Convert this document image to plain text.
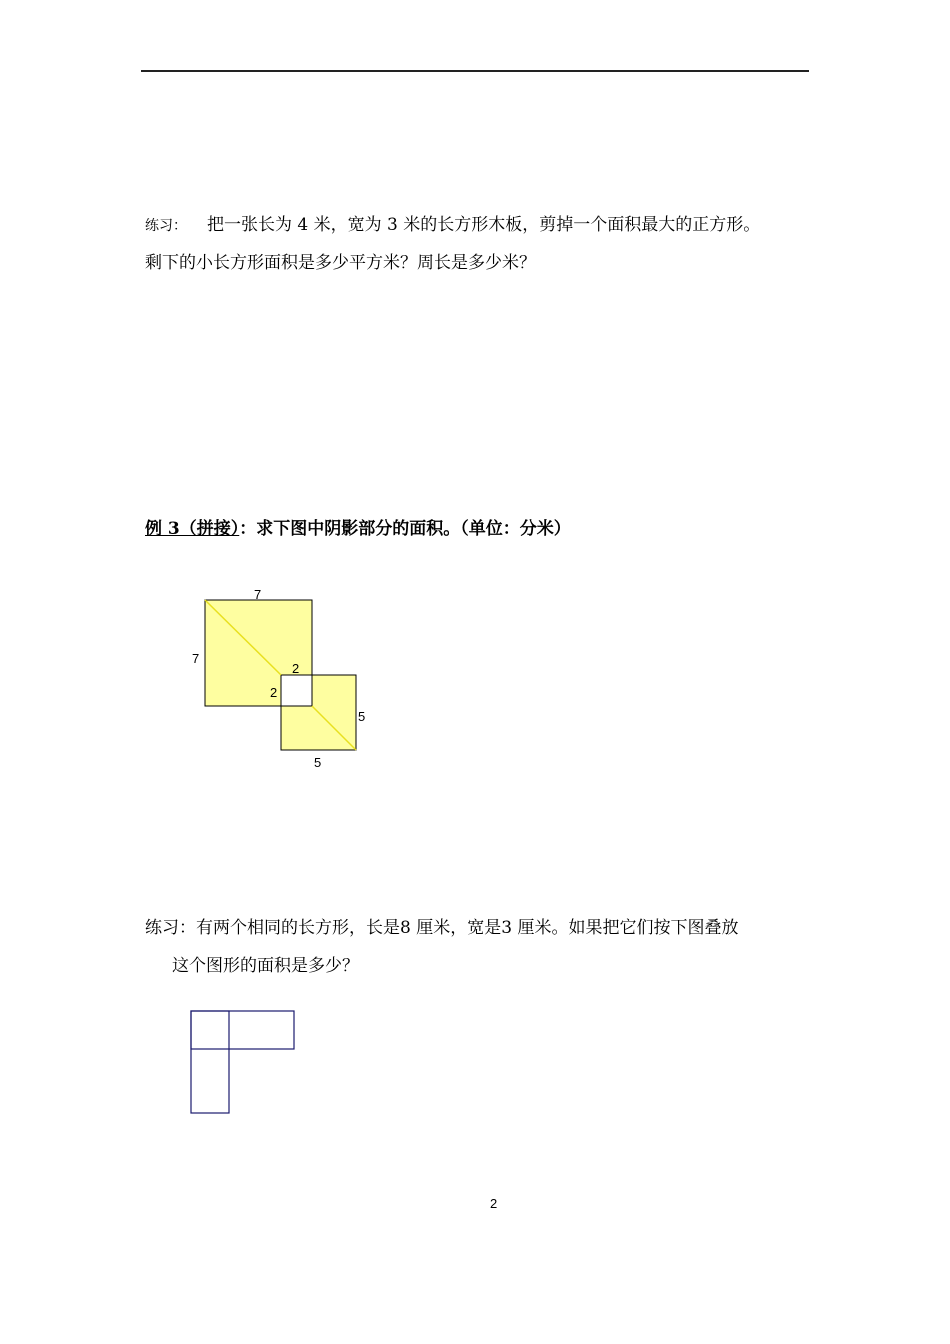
练习： 把一张长为 4 米，宽为 3 米的长方形木板，剪掉一个面积最大的正方形。
剩下的小长方形面积是多少平方米？周长是多少米？
例 3（拼接）：求下图中阴影部分的面积。（单位：分米）
7
7
2
2
5
5
练习：有两个相同的长方形，长是8 厘米，宽是3 厘米。如果把它们按下图叠放
这个图形的面积是多少？
2
